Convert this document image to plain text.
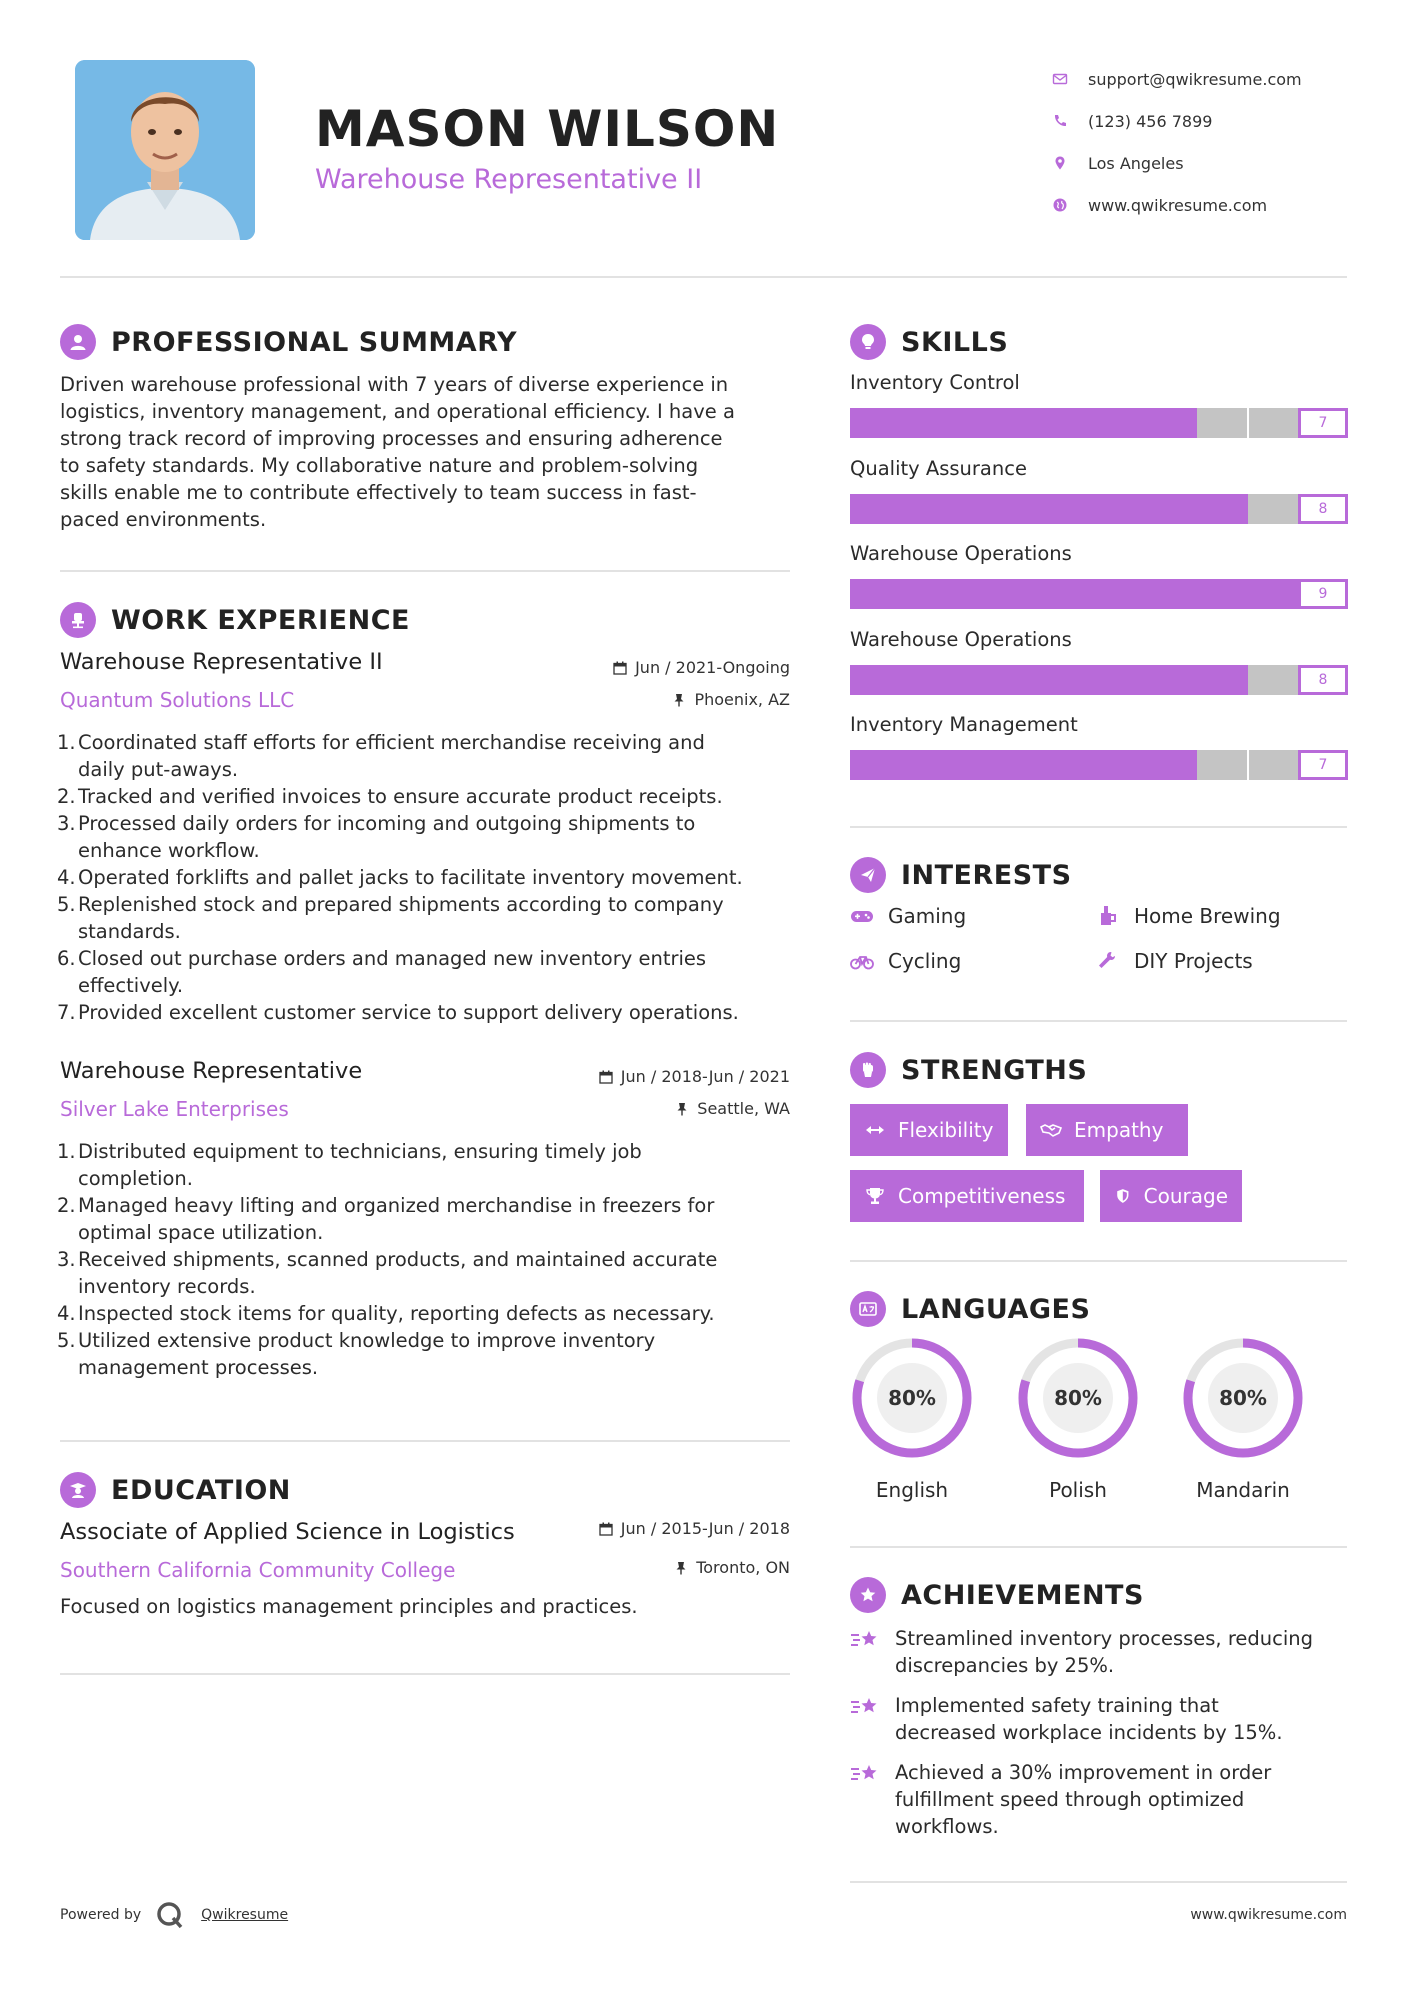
MASON WILSON
Warehouse Representative II
support@qwikresume.com
(123) 456 7899
Los Angeles
www.qwikresume.com
PROFESSIONAL SUMMARY
Driven warehouse professional with 7 years of diverse experience in
logistics, inventory management, and operational efficiency. I have a
strong track record of improving processes and ensuring adherence
to safety standards. My collaborative nature and problem-solving
skills enable me to contribute effectively to team success in fast-
paced environments.
WORK EXPERIENCE
Warehouse Representative II
Quantum Solutions LLC
Jun / 2021-Ongoing
Phoenix, AZ
1. Coordinated staff efforts for efficient merchandise receiving and
daily put-aways.
2. Tracked and verified invoices to ensure accurate product receipts.
3. Processed daily orders for incoming and outgoing shipments to
enhance workflow.
4. Operated forklifts and pallet jacks to facilitate inventory movement.
5. Replenished stock and prepared shipments according to company
standards.
6. Closed out purchase orders and managed new inventory entries
effectively.
7. Provided excellent customer service to support delivery operations.
Warehouse Representative
Silver Lake Enterprises
Jun / 2018-Jun / 2021
Seattle, WA
1. Distributed equipment to technicians, ensuring timely job
completion.
2. Managed heavy lifting and organized merchandise in freezers for
optimal space utilization.
3. Received shipments, scanned products, and maintained accurate
inventory records.
4. Inspected stock items for quality, reporting defects as necessary.
5. Utilized extensive product knowledge to improve inventory
management processes.
EDUCATION
Associate of Applied Science in Logistics
Southern California Community College
Jun / 2015-Jun / 2018
Toronto, ON
Focused on logistics management principles and practices.
SKILLS
Inventory Control
7
Quality Assurance
8
Warehouse Operations
9
Warehouse Operations
8
Inventory Management
7
INTERESTS
Gaming	Home Brewing
Cycling	DIY Projects
STRENGTHS
Flexibility	Empathy
Competitiveness	Courage
LANGUAGES
80%
English
80%
Polish
80%
Mandarin
ACHIEVEMENTS
Streamlined inventory processes, reducing
discrepancies by 25%.
Implemented safety training that
decreased workplace incidents by 15%.
Achieved a 30% improvement in order
fulfillment speed through optimized
workflows.
Powered by	Qwikresume	www.qwikresume.com
